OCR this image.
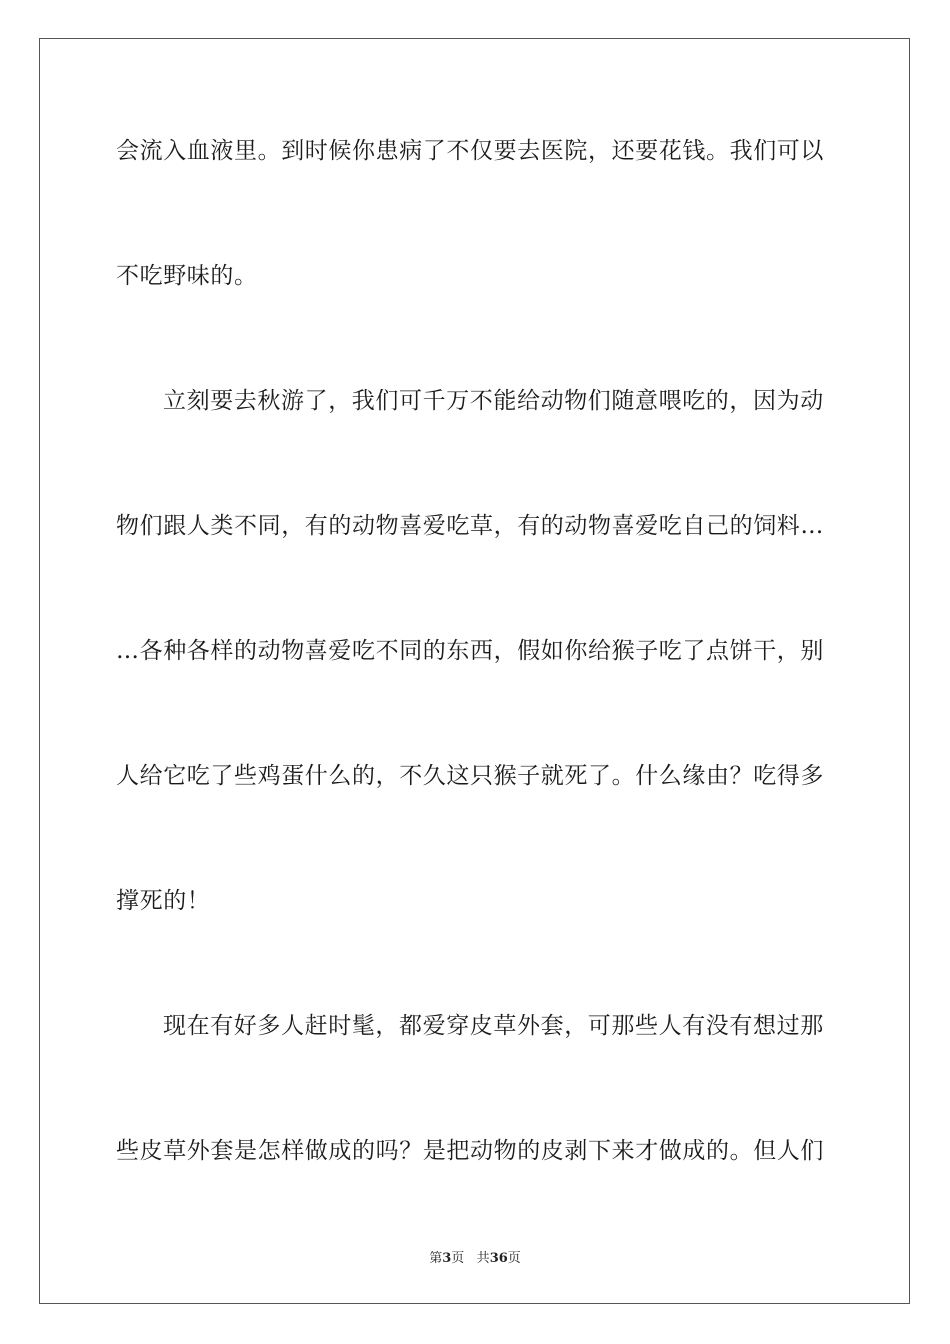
会流入血液里。到时候你患病了不仅要去医院，还要花钱。我们可以
不吃野味的。
立刻要去秋游了，我们可千万不能给动物们随意喂吃的，因为动
物们跟人类不同，有的动物喜爱吃草，有的动物喜爱吃自己的饲料…
…各种各样的动物喜爱吃不同的东西，假如你给猴子吃了点饼干，别
人给它吃了些鸡蛋什么的，不久这只猴子就死了。什么缘由？吃得多
撑死的！
现在有好多人赶时髦，都爱穿皮草外套，可那些人有没有想过那
些皮草外套是怎样做成的吗？是把动物的皮剥下来才做成的。但人们
第3页 共36页
